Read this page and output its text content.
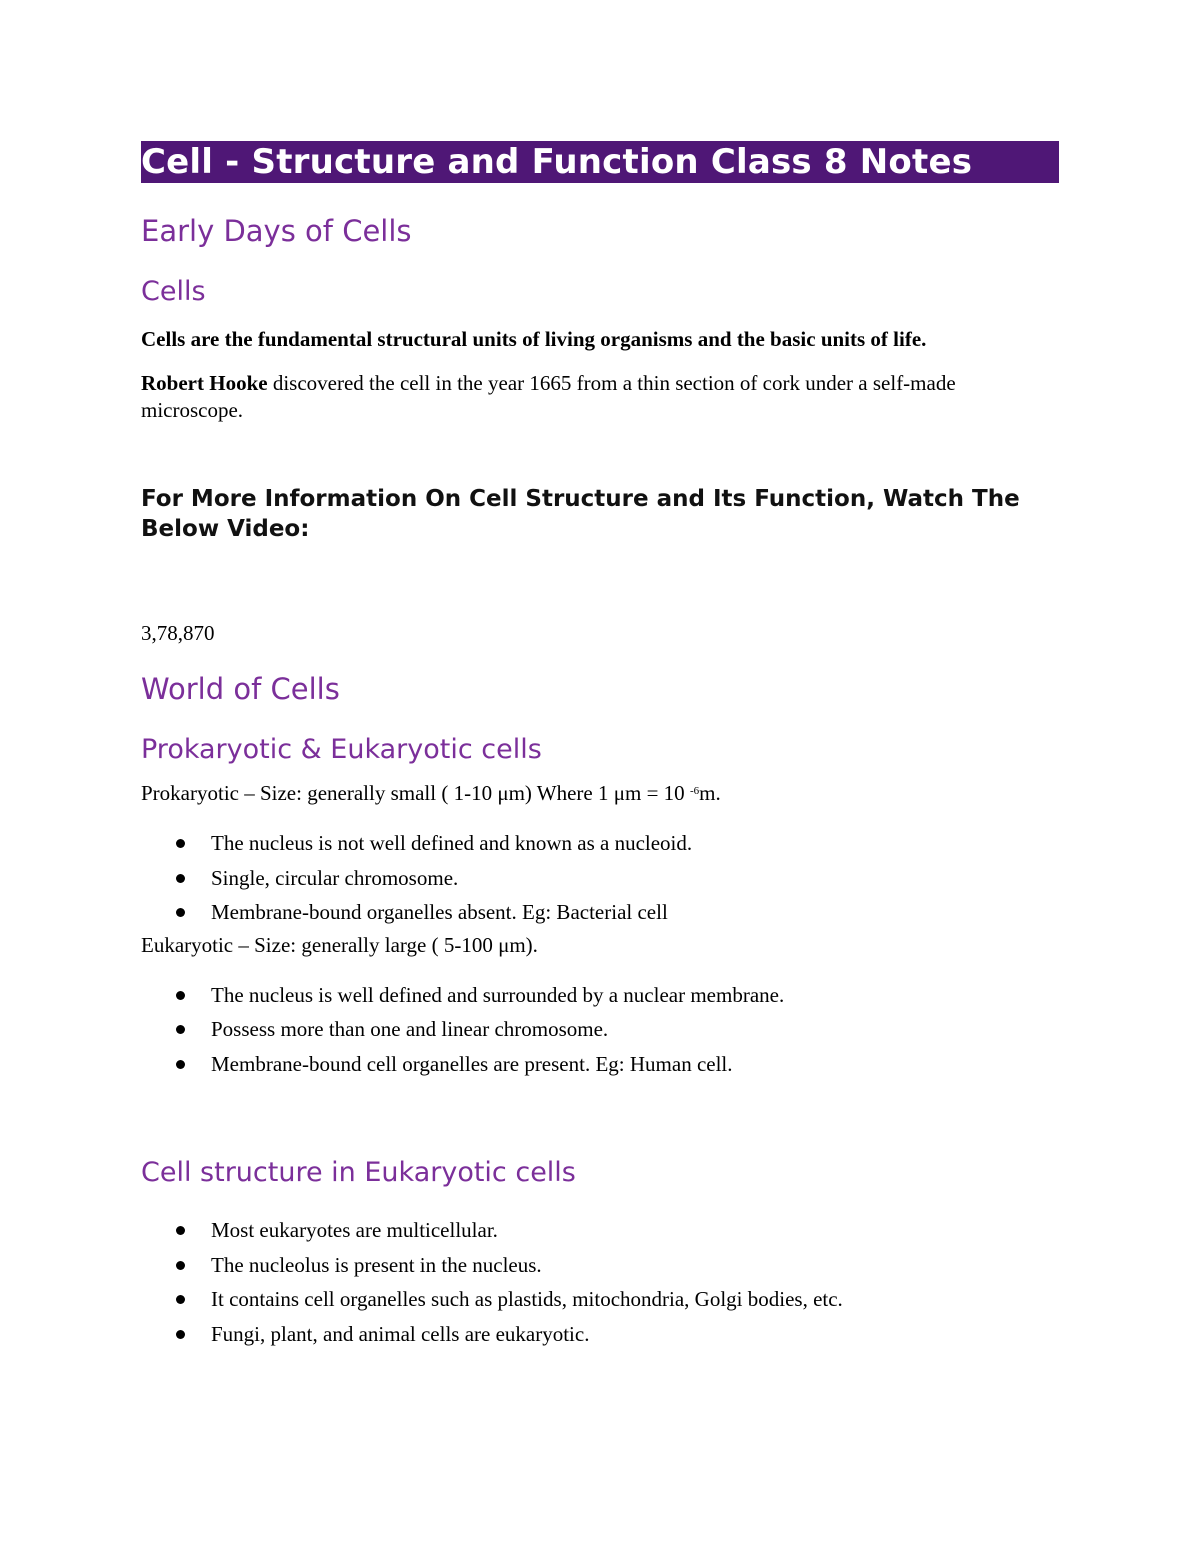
Cell - Structure and Function Class 8 Notes
Early Days of Cells
Cells

Cells are the fundamental structural units of living organisms and the basic units of life.

Robert Hooke discovered the cell in the year 1665 from a thin section of cork under a self-made microscope.

For More Information On Cell Structure and Its Function, Watch The Below Video:

3,78,870

World of Cells
Prokaryotic & Eukaryotic cells

Prokaryotic – Size: generally small ( 1-10 μm) Where 1 μm = 10 $^{-6}$m.

The nucleus is not well defined and known as a nucleoid.
Single, circular chromosome.
Membrane-bound organelles absent. Eg: Bacterial cell

Eukaryotic – Size: generally large ( 5-100 μm).

The nucleus is well defined and surrounded by a nuclear membrane.
Possess more than one and linear chromosome.
Membrane-bound cell organelles are present. Eg: Human cell.
Cell structure in Eukaryotic cells
Most eukaryotes are multicellular.
The nucleolus is present in the nucleus.
It contains cell organelles such as plastids, mitochondria, Golgi bodies, etc.
Fungi, plant, and animal cells are eukaryotic.
